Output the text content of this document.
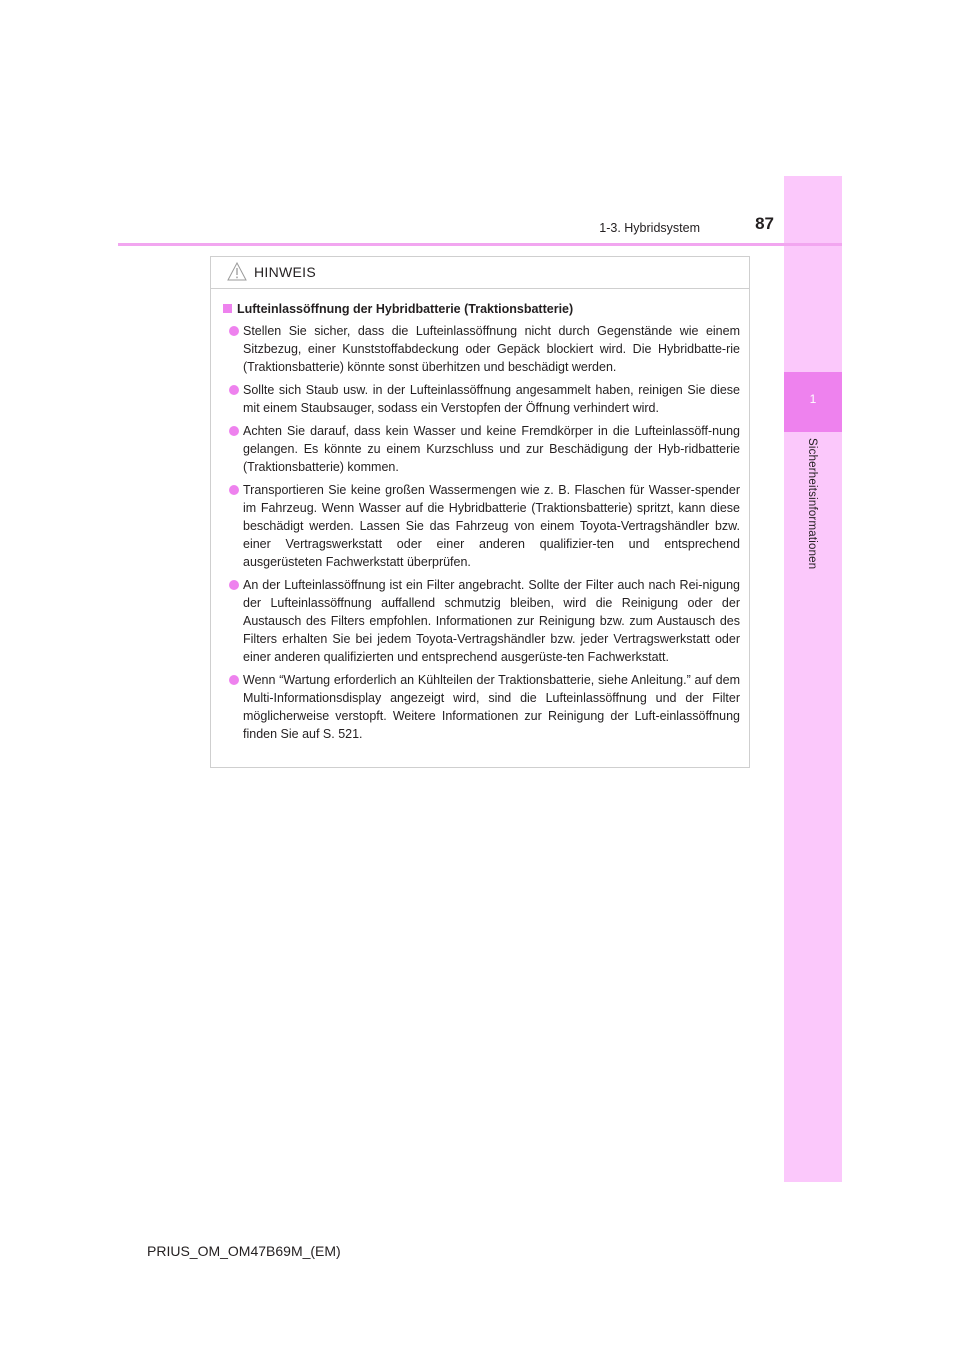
1
Sicherheitsinformationen
1-3. Hybridsystem	87
HINWEIS
Lufteinlassöffnung der Hybridbatterie (Traktionsbatterie)
Stellen Sie sicher, dass die Lufteinlassöffnung nicht durch Gegenstände wie einem Sitzbezug, einer Kunststoffabdeckung oder Gepäck blockiert wird. Die Hybridbatte-rie (Traktionsbatterie) könnte sonst überhitzen und beschädigt werden.
Sollte sich Staub usw. in der Lufteinlassöffnung angesammelt haben, reinigen Sie diese mit einem Staubsauger, sodass ein Verstopfen der Öffnung verhindert wird.
Achten Sie darauf, dass kein Wasser und keine Fremdkörper in die Lufteinlassöff-nung gelangen. Es könnte zu einem Kurzschluss und zur Beschädigung der Hyb-ridbatterie (Traktionsbatterie) kommen.
Transportieren Sie keine großen Wassermengen wie z. B. Flaschen für Wasser-spender im Fahrzeug. Wenn Wasser auf die Hybridbatterie (Traktionsbatterie) spritzt, kann diese beschädigt werden. Lassen Sie das Fahrzeug von einem Toyota-Vertragshändler bzw. einer Vertragswerkstatt oder einer anderen qualifizier-ten und entsprechend ausgerüsteten Fachwerkstatt überprüfen.
An der Lufteinlassöffnung ist ein Filter angebracht. Sollte der Filter auch nach Rei-nigung der Lufteinlassöffnung auffallend schmutzig bleiben, wird die Reinigung oder der Austausch des Filters empfohlen. Informationen zur Reinigung bzw. zum Austausch des Filters erhalten Sie bei jedem Toyota-Vertragshändler bzw. jeder Vertragswerkstatt oder einer anderen qualifizierten und entsprechend ausgerüste-ten Fachwerkstatt.
Wenn “Wartung erforderlich an Kühlteilen der Traktionsbatterie, siehe Anleitung.” auf dem Multi-Informationsdisplay angezeigt wird, sind die Lufteinlassöffnung und der Filter möglicherweise verstopft. Weitere Informationen zur Reinigung der Luft-einlassöffnung finden Sie auf S. 521.
PRIUS_OM_OM47B69M_(EM)
